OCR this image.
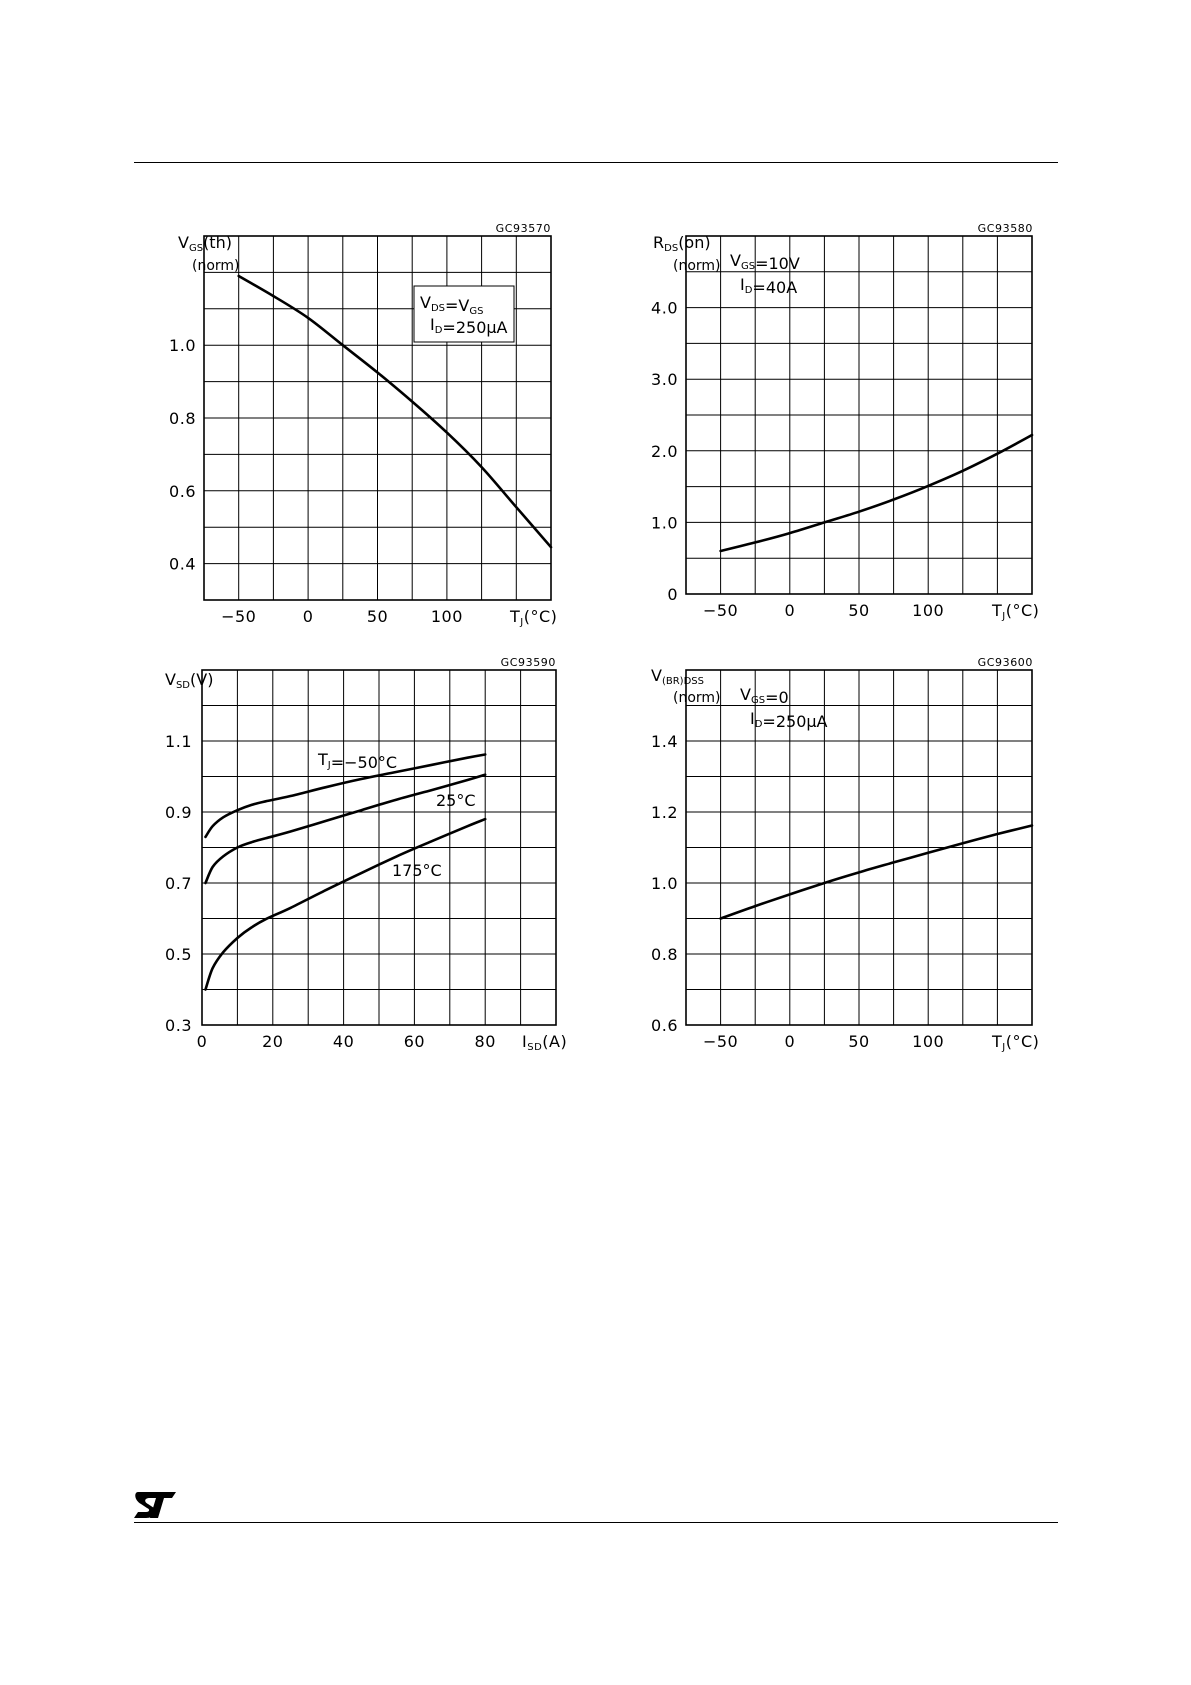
GC93570
0.4
0.6
0.8
1.0
−50	0	50	100	TJ(°C)
VGS(th)
(norm)
VDS=VGS
ID=250μA
GC93580
0
1.0
2.0
3.0
4.0
−50	0	50	100	TJ(°C)
RDS(on)
(norm) VGS=10V
ID=40A
GC93590
0.3
0.5
0.7
0.9
1.1
0	20	40	60	80 ISD(A)
VSD(V)
TJ=−50°C
25°C
175°C
GC93600
0.6
0.8
1.0
1.2
1.4
−50	0	50	100	TJ(°C)
V(BR)DSS
(norm) VGS=0
ID=250μA
